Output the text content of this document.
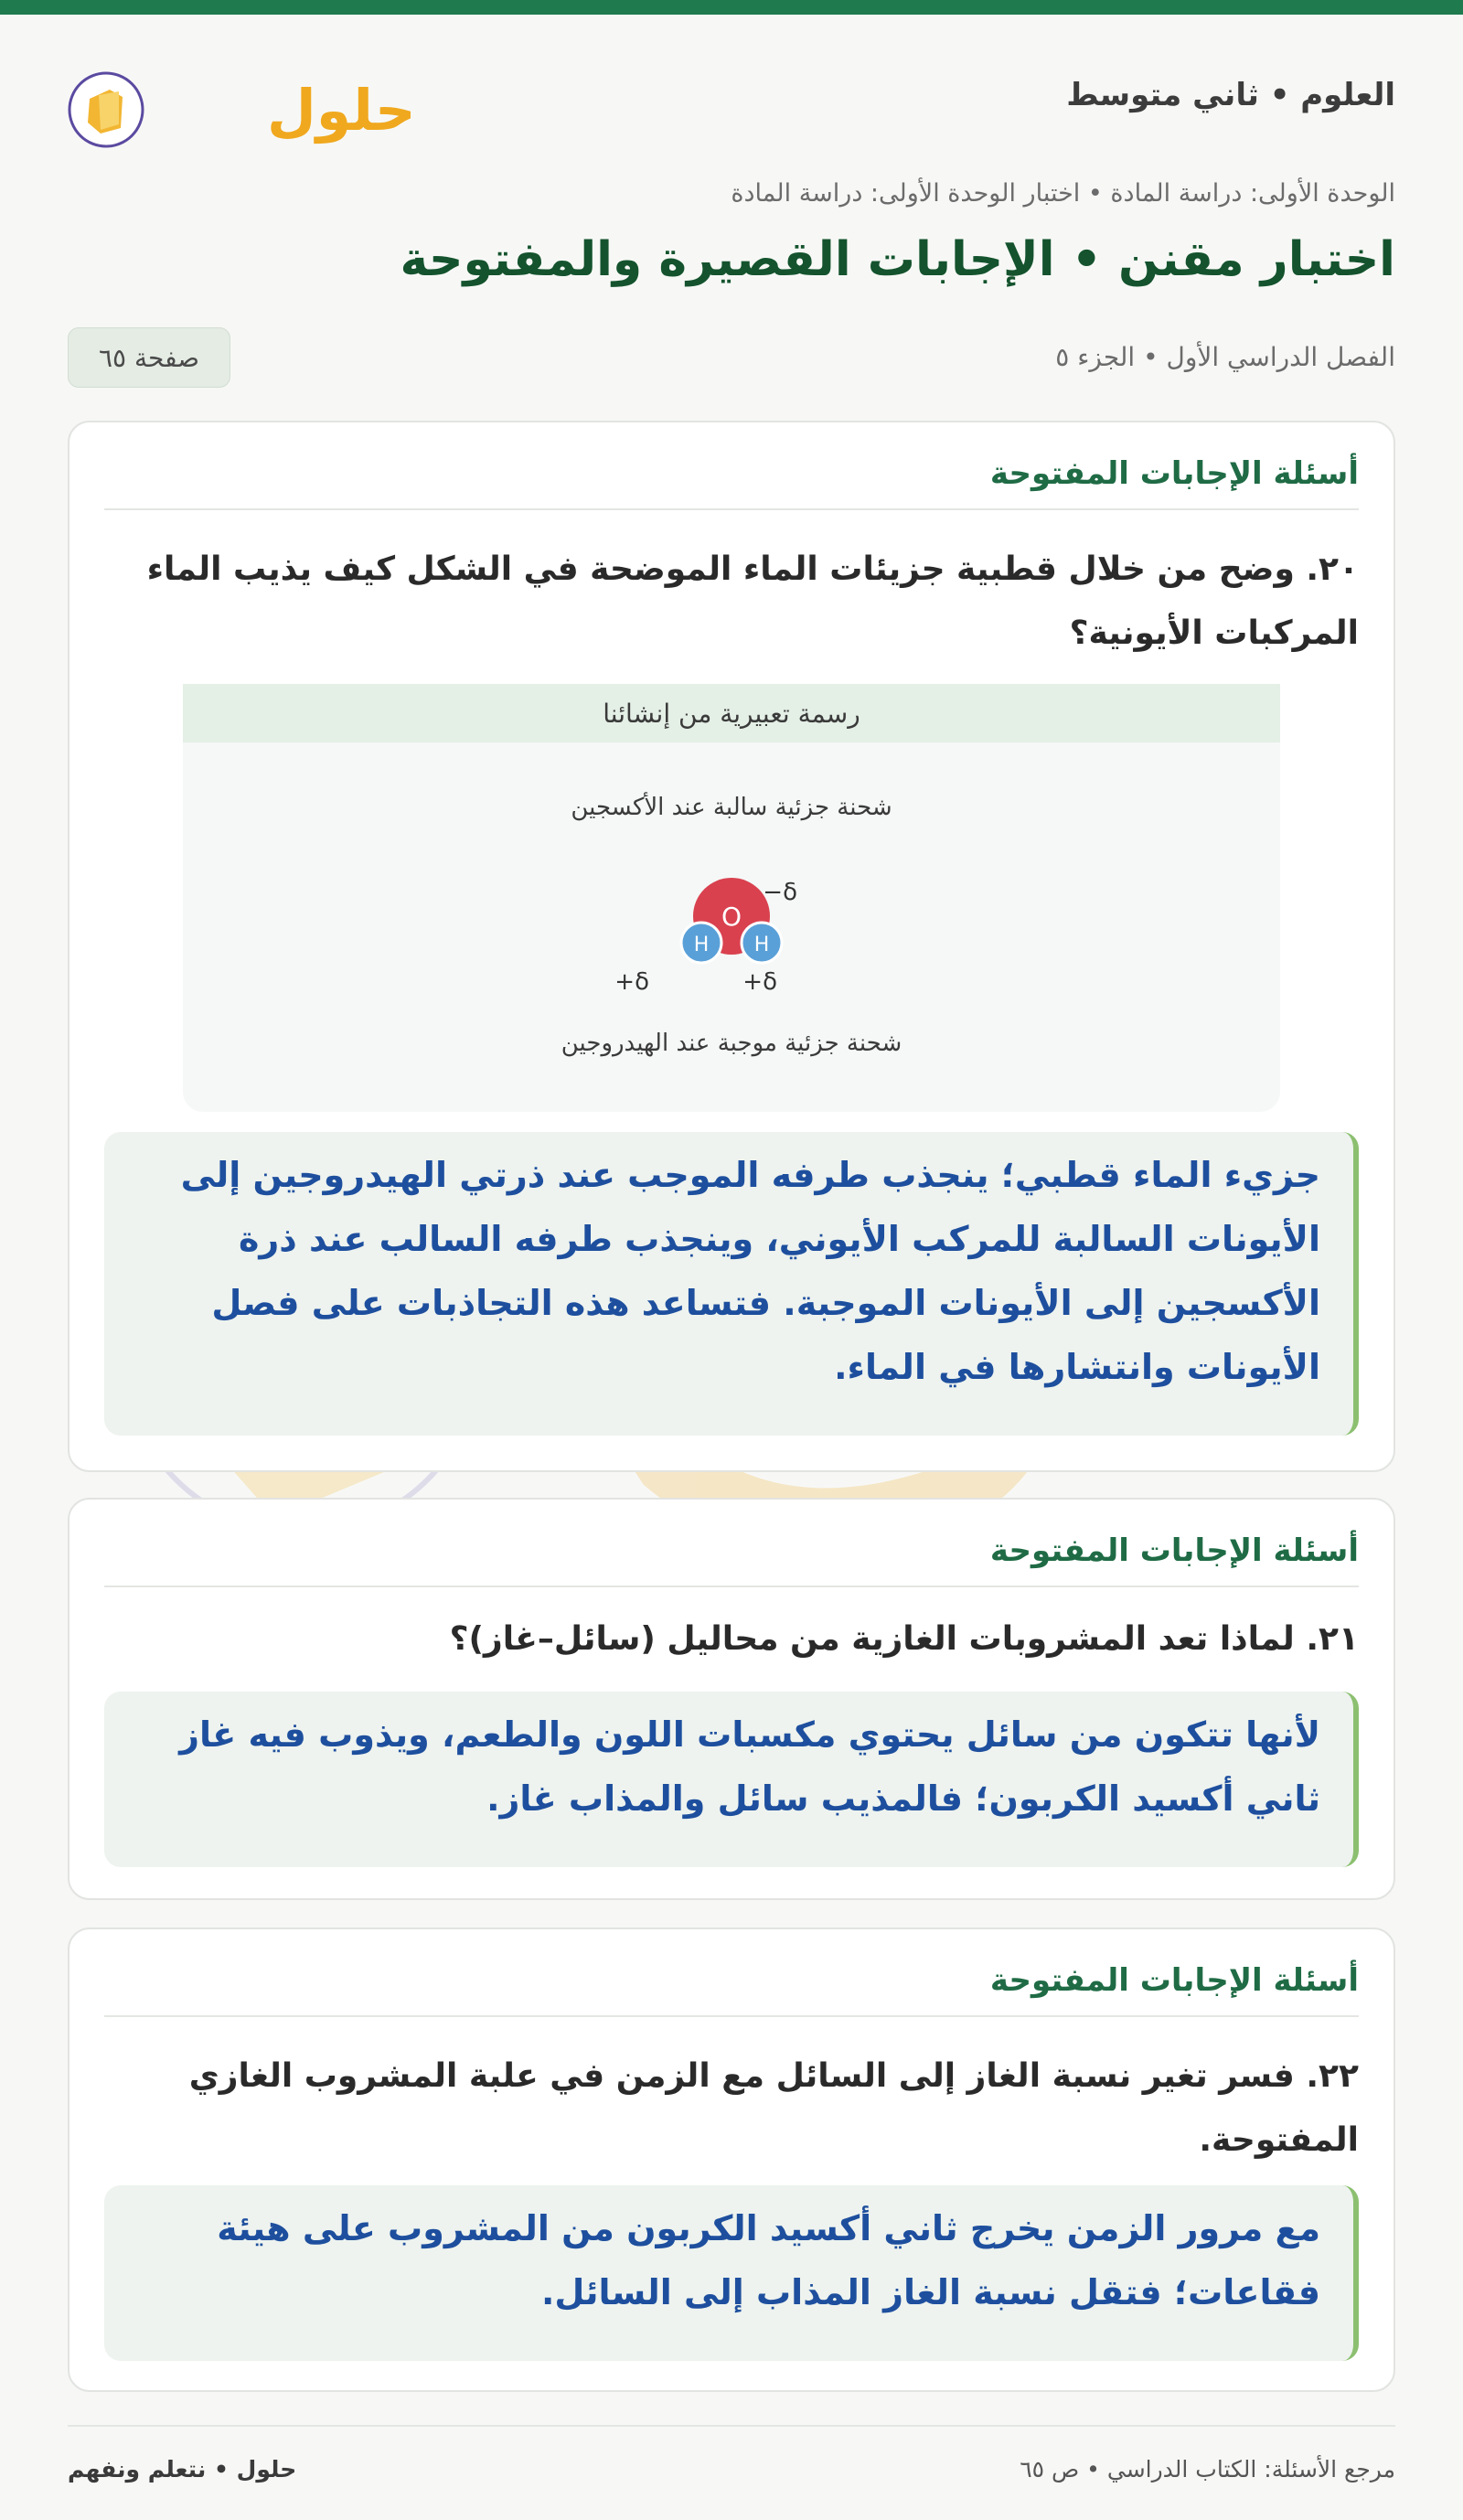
العلوم • ثاني متوسط
حلول
الوحدة الأولى: دراسة المادة • اختبار الوحدة الأولى: دراسة المادة
اختبار مقنن • الإجابات القصيرة والمفتوحة
الفصل الدراسي الأول • الجزء ٥
صفحة ٦٥
أسئلة الإجابات المفتوحة
٢٠. وضح من خلال قطبية جزيئات الماء الموضحة في الشكل كيف يذيب الماء المركبات الأيونية؟
رسمة تعبيرية من إنشائنا
شحنة جزئية سالبة عند الأكسجين
O
H H
δ−
δ+	δ+
شحنة جزئية موجبة عند الهيدروجين
جزيء الماء قطبي؛ ينجذب طرفه الموجب عند ذرتي الهيدروجين إلى الأيونات السالبة للمركب الأيوني، وينجذب طرفه السالب عند ذرة الأكسجين إلى الأيونات الموجبة. فتساعد هذه التجاذبات على فصل الأيونات وانتشارها في الماء.
أسئلة الإجابات المفتوحة
٢١. لماذا تعد المشروبات الغازية من محاليل (سائل–غاز)؟
لأنها تتكون من سائل يحتوي مكسبات اللون والطعم، ويذوب فيه غاز ثاني أكسيد الكربون؛ فالمذيب سائل والمذاب غاز.
أسئلة الإجابات المفتوحة
٢٢. فسر تغير نسبة الغاز إلى السائل مع الزمن في علبة المشروب الغازي المفتوحة.
مع مرور الزمن يخرج ثاني أكسيد الكربون من المشروب على هيئة فقاعات؛ فتقل نسبة الغاز المذاب إلى السائل.
مرجع الأسئلة: الكتاب الدراسي • ص ٦٥
حلول • نتعلم ونفهم
